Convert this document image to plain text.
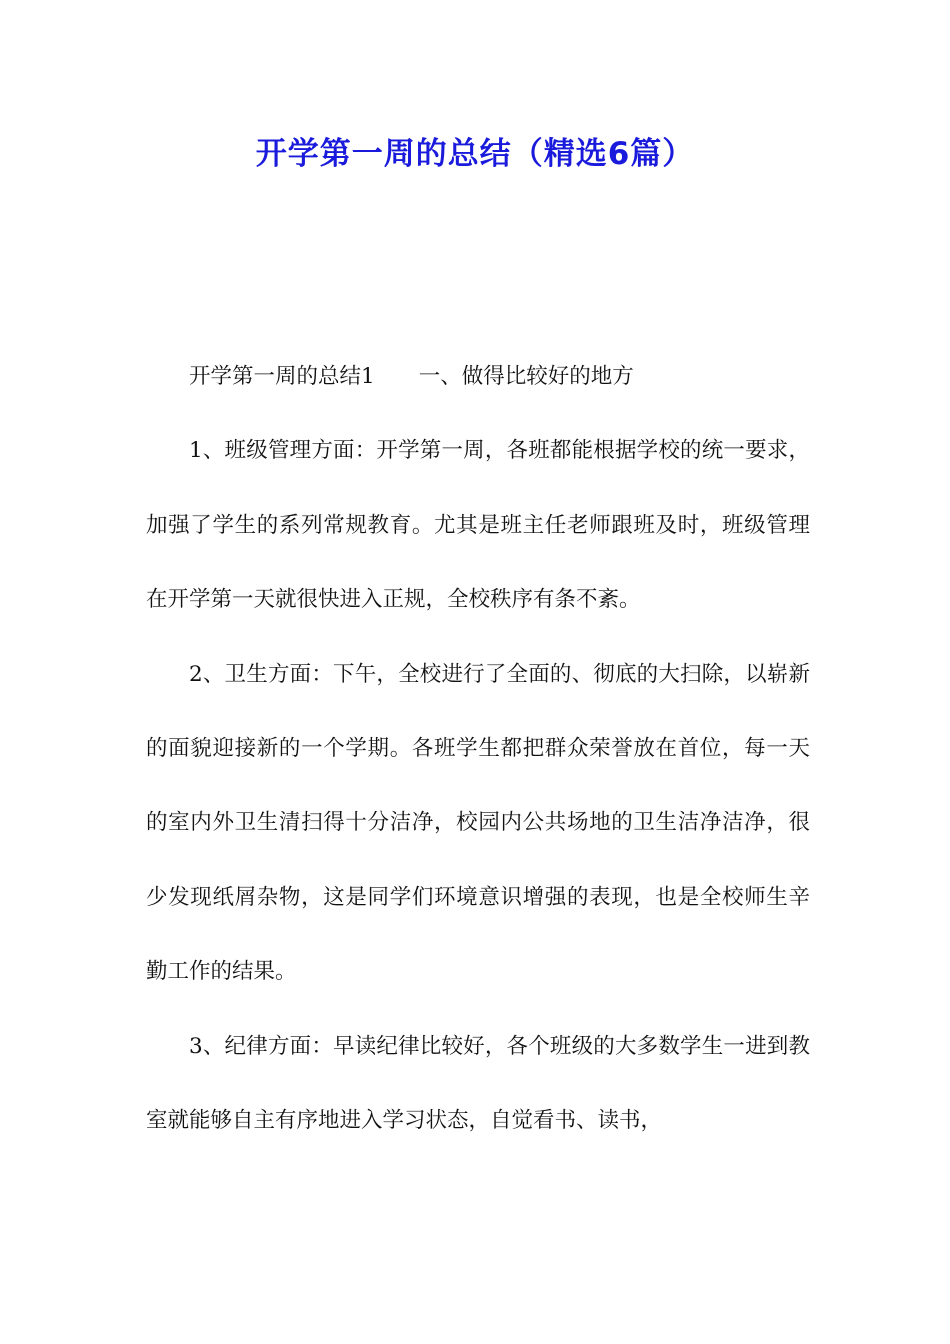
开学第一周的总结（精选6篇）

开学第一周的总结1 一、做得比较好的地方

1、班级管理方面：开学第一周，各班都能根据学校的统一要求，加强了学生的系列常规教育。尤其是班主任老师跟班及时，班级管理在开学第一天就很快进入正规，全校秩序有条不紊。

2、卫生方面：下午，全校进行了全面的、彻底的大扫除，以崭新的面貌迎接新的一个学期。各班学生都把群众荣誉放在首位，每一天的室内外卫生清扫得十分洁净，校园内公共场地的卫生洁净洁净，很少发现纸屑杂物，这是同学们环境意识增强的表现，也是全校师生辛勤工作的结果。

3、纪律方面：早读纪律比较好，各个班级的大多数学生一进到教室就能够自主有序地进入学习状态，自觉看书、读书，
